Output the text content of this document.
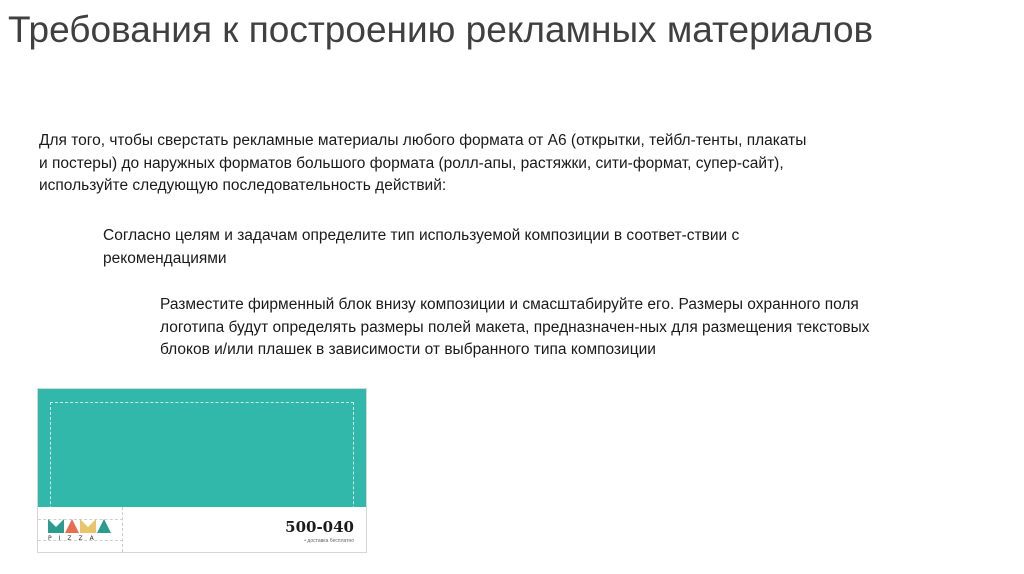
Требования к построению рекламных материалов

Для того, чтобы сверстать рекламные материалы любого формата от А6 (открытки, тейбл-тенты, плакаты и постеры) до наружных форматов большого формата (ролл-апы, растяжки, сити-формат, супер-сайт), используйте следующую последовательность действий:

Согласно целям и задачам определите тип используемой композиции в соответ-ствии с рекомендациями

Разместите фирменный блок внизу композиции и смасштабируйте его. Размеры охранного поля логотипа будут определять размеры полей макета, предназначен-ных для размещения текстовых блоков и/или плашек в зависимости от выбранного типа композиции

PIZZA
500-040
• доставка бесплатно
